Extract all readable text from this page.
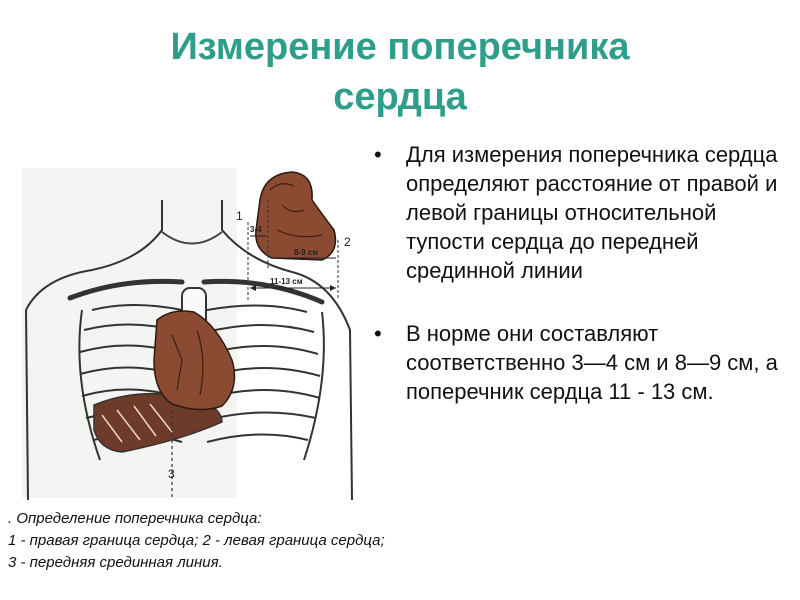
Измерение поперечника
сердца
• Для измерения поперечника сердца определяют расстояние от правой и левой границы относительной тупости сердца до передней срединной линии
• В норме они составляют соответственно 3—4 см и 8—9 см, а поперечник сердца 11 - 13 см.
3
1
2
3-4
8-9 см
11-13 см
. Определение поперечника сердца:
1 - правая граница сердца; 2 - левая граница сердца;
3 - передняя срединная линия.
